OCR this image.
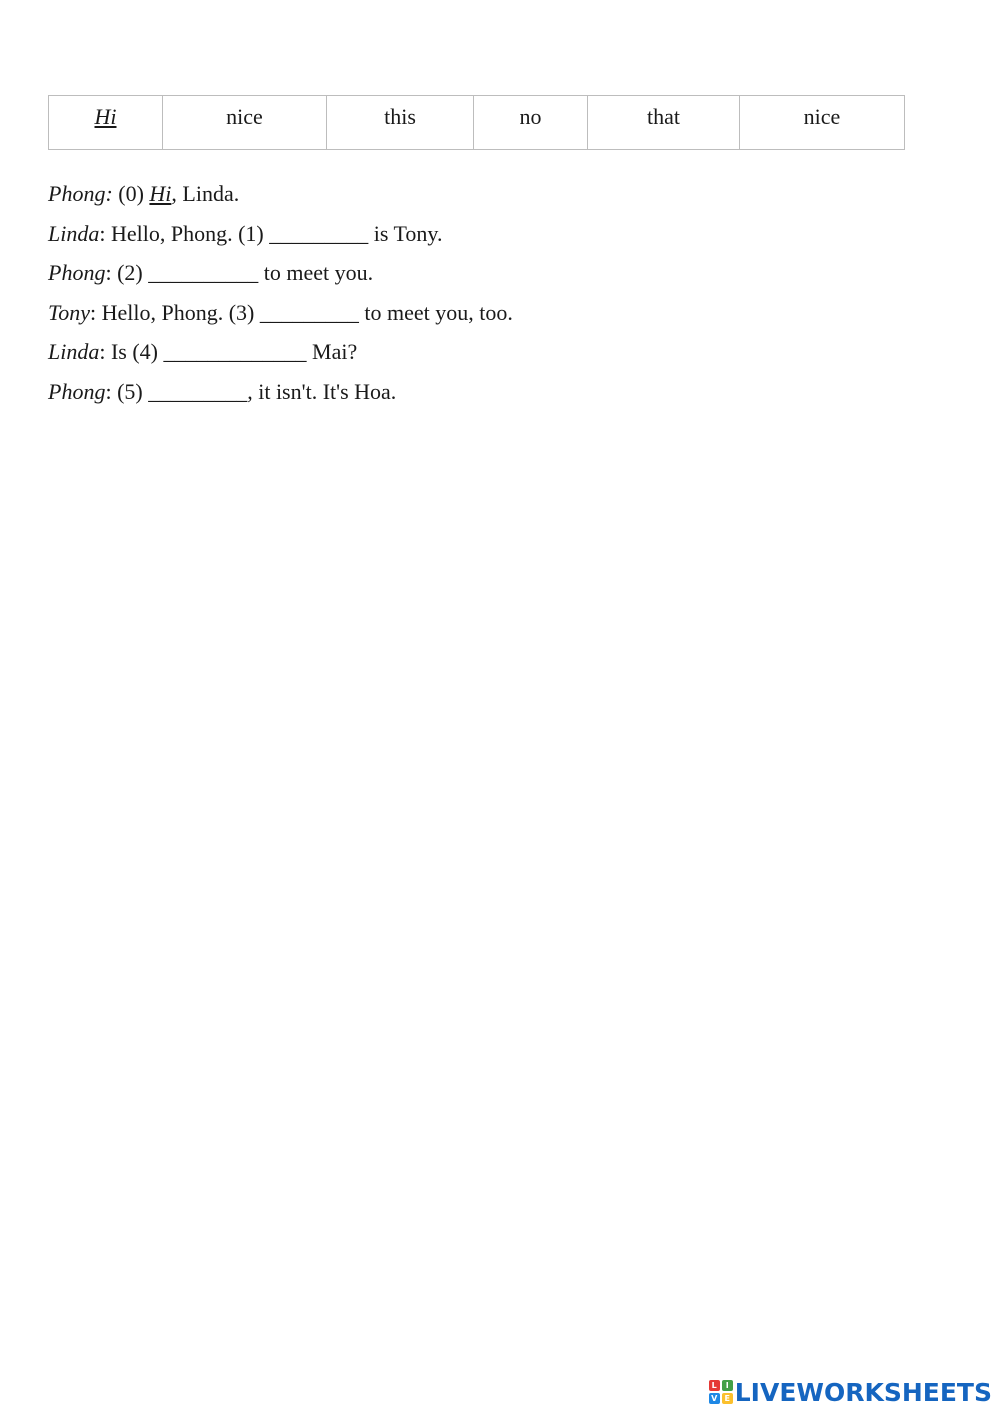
Hi	nice	this	no	that	nice
Phong: (0) Hi, Linda.
Linda: Hello, Phong. (1) _________ is Tony.
Phong: (2) __________ to meet you.
Tony: Hello, Phong. (3) _________ to meet you, too.
Linda: Is (4) _____________ Mai?
Phong: (5) _________, it isn't. It's Hoa.
L	I
V E LIVEWORKSHEETS
